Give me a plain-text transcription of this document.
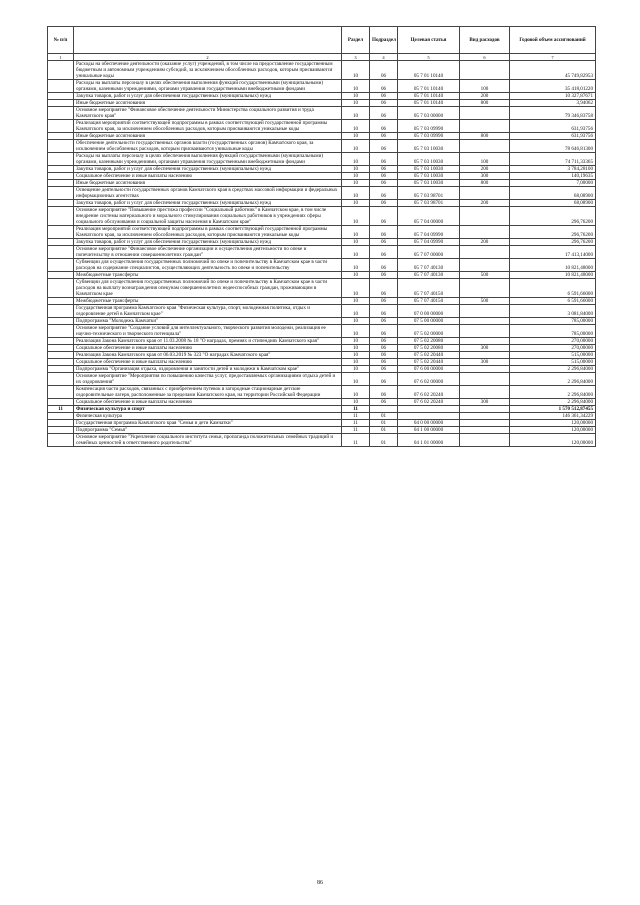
№ п/п		Раздел	Подраздел	Целевая статья	Вид расходов	Годовой объем ассигнований
1	2	3	4	5	6	7
	Расходы на обеспечение деятельности (оказание услуг) учреждений, в том числе на предоставление государственным бюджетным и автономным учреждениям субсидий, за исключением обособленных расходов, которым присваиваются уникальные коды	10	06	05 7 01 10140		45 749,82953
	Расходы на выплаты персоналу в целях обеспечения выполнения функций государственными (муниципальными) органами, казенными учреждениями, органами управления государственными внебюджетными фондами	10	06	05 7 01 10140	100	35 418,01220
	Закупка товаров, работ и услуг для обеспечения государственных (муниципальных) нужд	10	06	05 7 01 10140	200	10 327,87671
	Иные бюджетные ассигнования	10	06	05 7 01 10140	800	3,94062
	Основное мероприятие "Финансовое обеспечение деятельности Министерства социального развития и труда Камчатского края"	10	06	05 7 03 00000		79 346,83758
	Реализация мероприятий соответствующей подпрограммы в рамках соответствующей государственной программы Камчатского края, за исключением обособленных расходов, которым присваиваются уникальные коды	10	06	05 7 03 09990		631,93756
	Иные бюджетные ассигнования	10	06	05 7 03 09990	800	631,93756
	Обеспечение деятельности государственных органов власти (государственных органов) Камчатского края, за исключением обособленных расходов, которым присваиваются уникальные коды	10	06	05 7 03 10030		78 646,81300
	Расходы на выплаты персоналу в целях обеспечения выполнения функций государственными (муниципальными) органами, казенными учреждениями, органами управления государственными внебюджетными фондами	10	06	05 7 03 10030	100	74 711,33365
	Закупка товаров, работ и услуг для обеспечения государственных (муниципальных) нужд	10	06	05 7 03 10030	200	3 784,28100
	Социальное обеспечение и иные выплаты населению	10	06	05 7 03 10030	300	140,19635
	Иные бюджетные ассигнования	10	06	05 7 03 10030	800	7,00000
	Освещение деятельности государственных органов Камчатского края в средствах массовой информации и федеральных информационных агентствах	10	06	05 7 03 98701		68,08900
	Закупка товаров, работ и услуг для обеспечения государственных (муниципальных) нужд	10	06	05 7 03 98701	200	68,08900
	Основное мероприятие "Повышение престижа профессии "Социальный работник" в Камчатском крае, в том числе внедрение системы материального и морального стимулирования социальных работников в учреждениях сферы социального обслуживания и социальной защиты населения в Камчатском крае"	10	06	05 7 04 00000		296,76200
	Реализация мероприятий соответствующей подпрограммы в рамках соответствующей государственной программы Камчатского края, за исключением обособленных расходов, которым присваиваются уникальные коды	10	06	05 7 04 09990		296,76200
	Закупка товаров, работ и услуг для обеспечения государственных (муниципальных) нужд	10	06	05 7 04 09990	200	296,76200
	Основное мероприятие "Финансовое обеспечение организации и осуществления деятельности по опеке и попечительству в отношении совершеннолетних граждан"	10	06	05 7 07 00000		17 413,14000
	Субвенции для осуществления государственных полномочий по опеке и попечительству в Камчатском крае в части расходов на содержание специалистов, осуществляющих деятельность по опеке и попечительству	10	06	05 7 07 40130		10 821,48000
	Межбюджетные трансферты	10	06	05 7 07 40130	500	10 821,48000
	Субвенции для осуществления государственных полномочий по опеке и попечительству в Камчатском крае в части расходов на выплату вознаграждения опекунам совершеннолетних недееспособных граждан, проживающим в Камчатском крае	10	06	05 7 07 40150		6 591,66000
	Межбюджетные трансферты	10	06	05 7 07 40150	500	6 591,66000
	Государственная программа Камчатского края "Физическая культура, спорт, молодежная политика, отдых и оздоровление детей в Камчатском крае"	10	06	07 0 00 00000		3 081,84000
	Подпрограмма "Молодежь Камчатки"	10	06	07 5 00 00000		785,00000
	Основное мероприятие "Создание условий для интеллектуального, творческого развития молодежи, реализация ее научно-технического и творческого потенциала"	10	06	07 5 02 00000		785,00000
	Реализация Закона Камчатского края от 11.03.2008 № 18 "О наградах, премиях и стипендиях Камчатского края"	10	06	07 5 02 20080		270,00000
	Социальное обеспечение и иные выплаты населению	10	06	07 5 02 20080	300	270,00000
	Реализация Закона Камчатского края от 06.03.2019 № 323 "О наградах Камчатского края"	10	06	07 5 02 20440		515,00000
	Социальное обеспечение и иные выплаты населению	10	06	07 5 02 20440	300	515,00000
	Подпрограмма "Организация отдыха, оздоровления и занятости детей и молодежи в Камчатском крае"	10	06	07 6 00 00000		2 296,84000
	Основное мероприятие "Мероприятия по повышению качества услуг, предоставляемых организациями отдыха детей и их оздоровления"	10	06	07 6 02 00000		2 296,84000
	Компенсация части расходов, связанных с приобретением путевок в загородные стационарные детские оздоровительные лагеря, расположенные за пределами Камчатского края, на территории Российской Федерации	10	06	07 6 02 20240		2 296,84000
	Социальное обеспечение и иные выплаты населению	10	06	07 6 02 20240	300	2 296,84000
11	Физическая культура и спорт	11				1 570 512,87455
	Физическая культура	11	01			146 361,34229
	Государственная программа Камчатского края "Семья и дети Камчатки"	11	01	04 0 00 00000		120,00000
	Подпрограмма "Семья"	11	01	04 1 00 00000		120,00000
	Основное мероприятие "Укрепление социального института семьи, пропаганда положительных семейных традиций и семейных ценностей в ответственного родительства"	11	01	04 1 01 00000		120,00000
86
